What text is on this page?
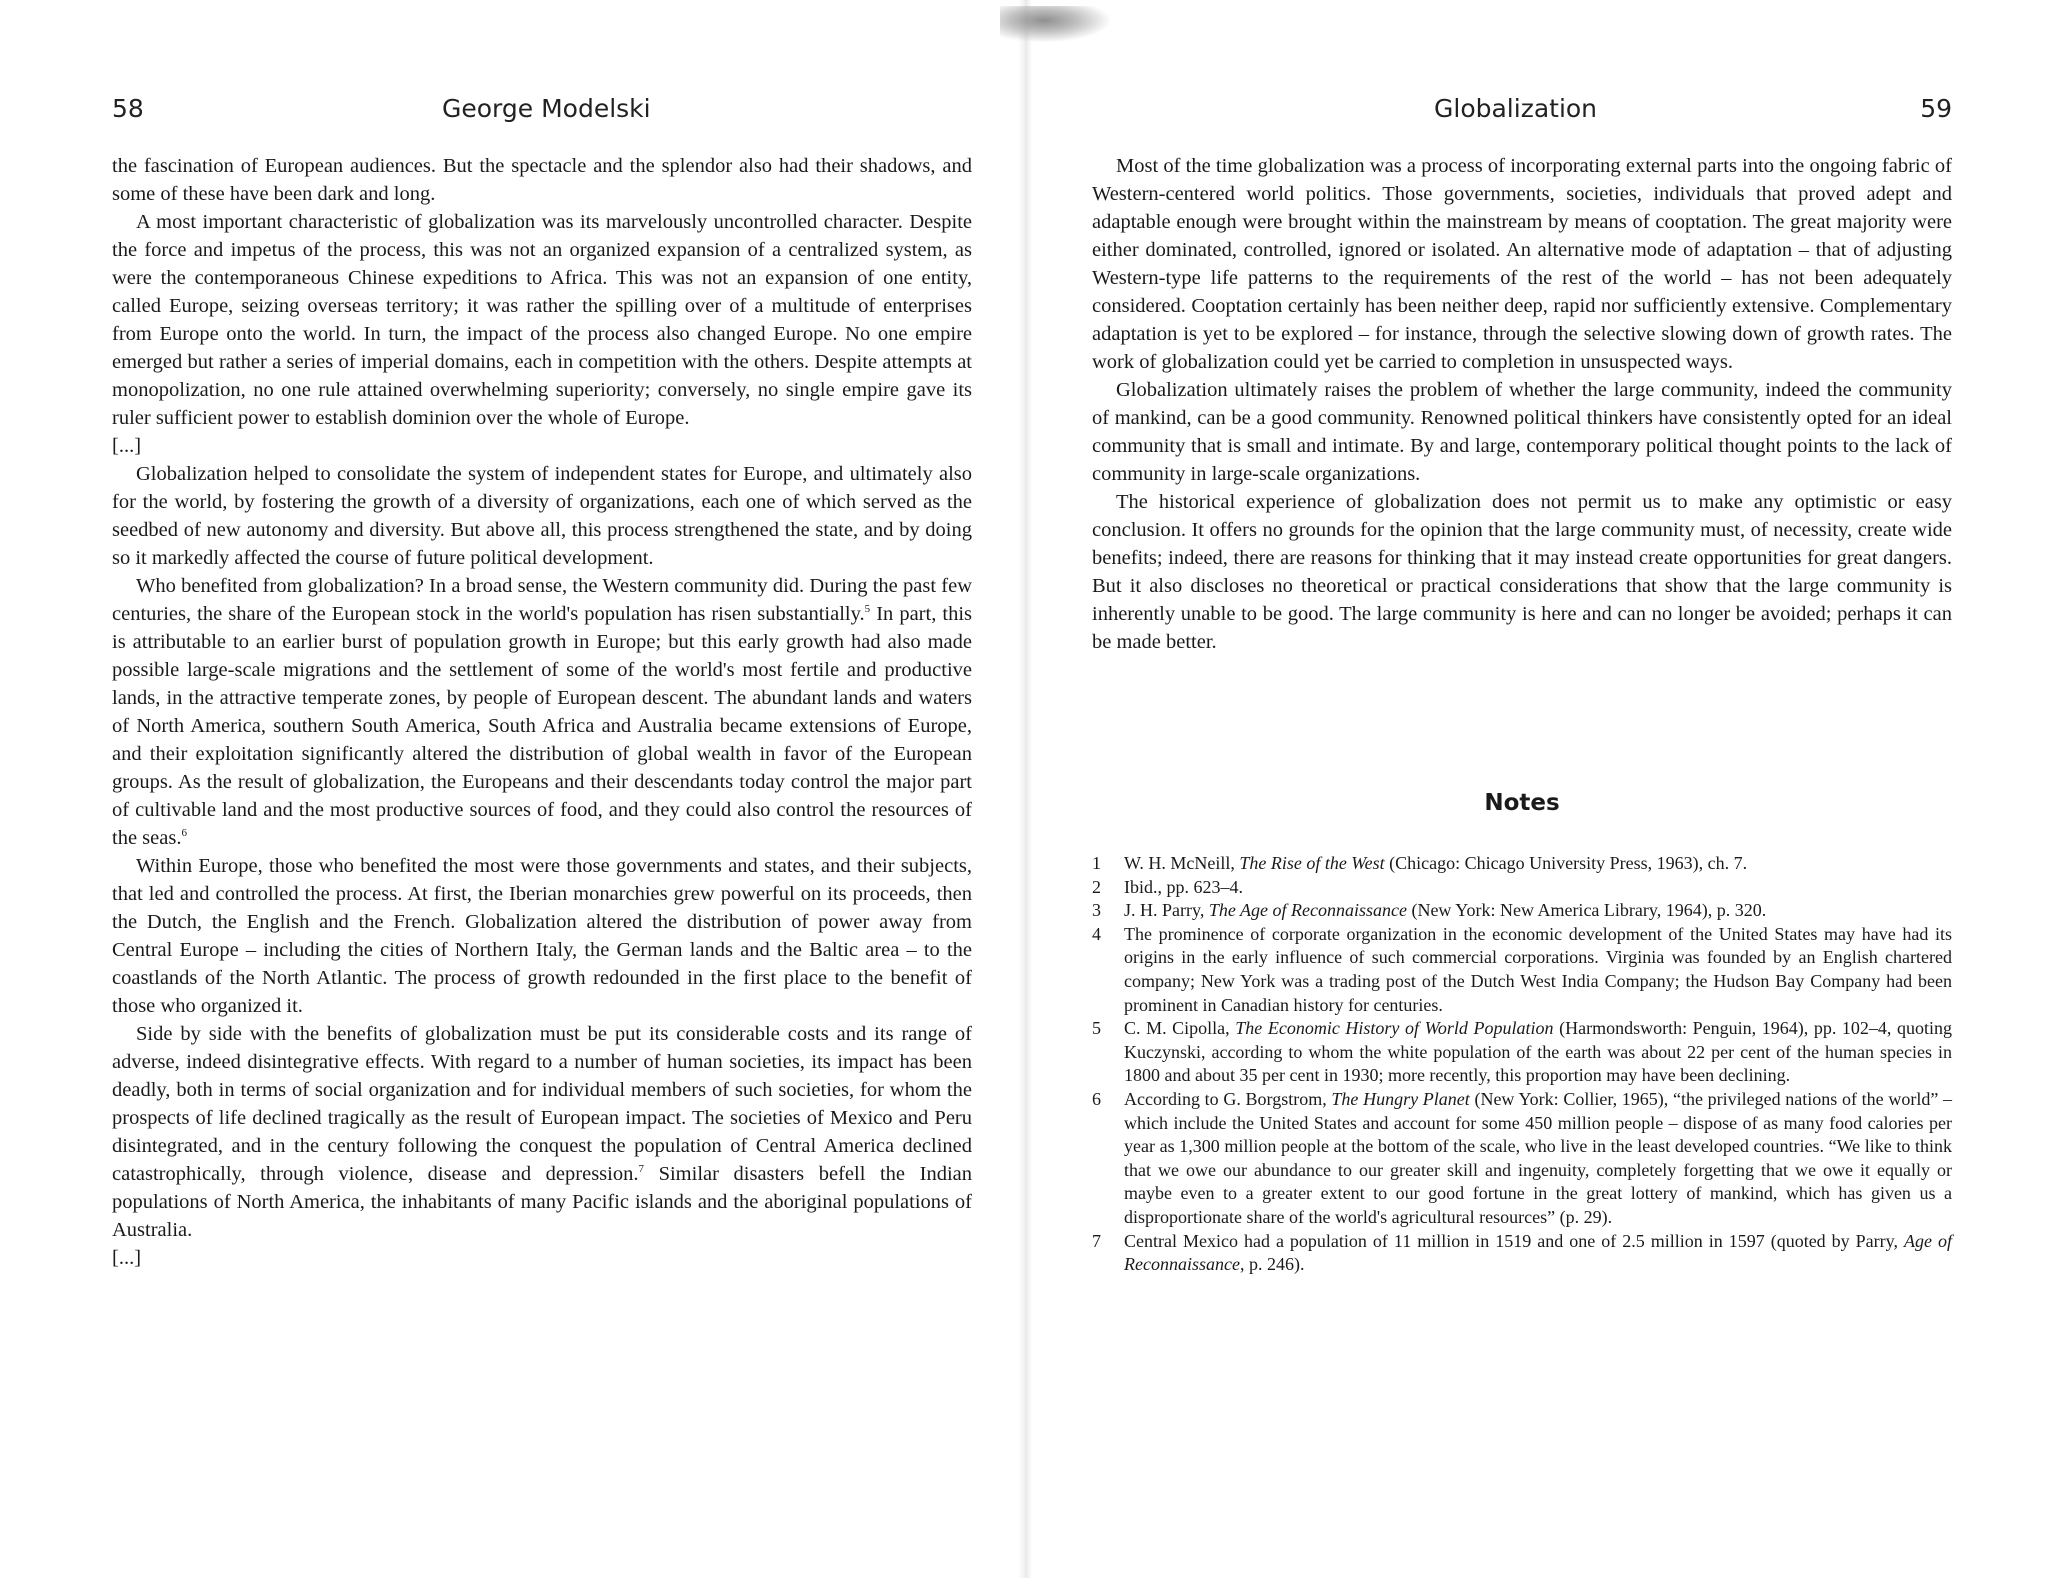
58	George Modelski

the fascination of European audiences. But the spectacle and the splendor also had their shadows, and some of these have been dark and long.

A most important characteristic of globalization was its marvelously uncontrolled character. Despite the force and impetus of the process, this was not an organized expansion of a centralized system, as were the contemporaneous Chinese expeditions to Africa. This was not an expansion of one entity, called Europe, seizing overseas territory; it was rather the spilling over of a multitude of enterprises from Europe onto the world. In turn, the impact of the process also changed Europe. No one empire emerged but rather a series of imperial domains, each in competition with the others. Despite attempts at monopolization, no one rule attained overwhelming superiority; conversely, no single empire gave its ruler sufficient power to establish dominion over the whole of Europe.

[...]

Globalization helped to consolidate the system of independent states for Europe, and ultimately also for the world, by fostering the growth of a diversity of organizations, each one of which served as the seedbed of new autonomy and diversity. But above all, this process strengthened the state, and by doing so it markedly affected the course of future political development.

Who benefited from globalization? In a broad sense, the Western community did. During the past few centuries, the share of the European stock in the world's population has risen substantially.$^5$ In part, this is attributable to an earlier burst of population growth in Europe; but this early growth had also made possible large-scale migrations and the settlement of some of the world's most fertile and productive lands, in the attractive temperate zones, by people of European descent. The abundant lands and waters of North America, southern South America, South Africa and Australia became extensions of Europe, and their exploitation significantly altered the distribution of global wealth in favor of the European groups. As the result of globalization, the Europeans and their descendants today control the major part of cultivable land and the most productive sources of food, and they could also control the resources of the seas.$^6$

Within Europe, those who benefited the most were those governments and states, and their subjects, that led and controlled the process. At first, the Iberian monarchies grew powerful on its proceeds, then the Dutch, the English and the French. Globalization altered the distribution of power away from Central Europe – including the cities of Northern Italy, the German lands and the Baltic area – to the coastlands of the North Atlantic. The process of growth redounded in the first place to the benefit of those who organized it.

Side by side with the benefits of globalization must be put its considerable costs and its range of adverse, indeed disintegrative effects. With regard to a number of human societies, its impact has been deadly, both in terms of social organization and for individual members of such societies, for whom the prospects of life declined tragically as the result of European impact. The societies of Mexico and Peru disintegrated, and in the century following the conquest the population of Central America declined catastrophically, through violence, disease and depression.$^7$ Similar disasters befell the Indian populations of North America, the inhabitants of many Pacific islands and the aboriginal populations of Australia.

[...]

Globalization	59

Most of the time globalization was a process of incorporating external parts into the ongoing fabric of Western-centered world politics. Those governments, societies, individuals that proved adept and adaptable enough were brought within the mainstream by means of cooptation. The great majority were either dominated, controlled, ignored or isolated. An alternative mode of adaptation – that of adjusting Western-type life patterns to the requirements of the rest of the world – has not been adequately considered. Cooptation certainly has been neither deep, rapid nor sufficiently extensive. Complementary adaptation is yet to be explored – for instance, through the selective slowing down of growth rates. The work of globalization could yet be carried to completion in unsuspected ways.

Globalization ultimately raises the problem of whether the large community, indeed the community of mankind, can be a good community. Renowned political thinkers have consistently opted for an ideal community that is small and intimate. By and large, contemporary political thought points to the lack of community in large-scale organizations.

The historical experience of globalization does not permit us to make any optimistic or easy conclusion. It offers no grounds for the opinion that the large community must, of necessity, create wide benefits; indeed, there are reasons for thinking that it may instead create opportunities for great dangers. But it also discloses no theoretical or practical considerations that show that the large community is inherently unable to be good. The large community is here and can no longer be avoided; perhaps it can be made better.

Notes
1 W. H. McNeill, The Rise of the West (Chicago: Chicago University Press, 1963), ch. 7.
2 Ibid., pp. 623–4.
3 J. H. Parry, The Age of Reconnaissance (New York: New America Library, 1964), p. 320.
4 The prominence of corporate organization in the economic development of the United States may have had its origins in the early influence of such commercial corporations. Virginia was founded by an English chartered company; New York was a trading post of the Dutch West India Company; the Hudson Bay Company had been prominent in Canadian history for centuries.
5 C. M. Cipolla, The Economic History of World Population (Harmondsworth: Penguin, 1964), pp. 102–4, quoting Kuczynski, according to whom the white population of the earth was about 22 per cent of the human species in 1800 and about 35 per cent in 1930; more recently, this proportion may have been declining.
6 According to G. Borgstrom, The Hungry Planet (New York: Collier, 1965), “the privileged nations of the world” – which include the United States and account for some 450 million people – dispose of as many food calories per year as 1,300 million people at the bottom of the scale, who live in the least developed countries. “We like to think that we owe our abundance to our greater skill and ingenuity, completely forgetting that we owe it equally or maybe even to a greater extent to our good fortune in the great lottery of mankind, which has given us a disproportionate share of the world's agricultural resources” (p. 29).
7 Central Mexico had a population of 11 million in 1519 and one of 2.5 million in 1597 (quoted by Parry, Age of Reconnaissance, p. 246).
